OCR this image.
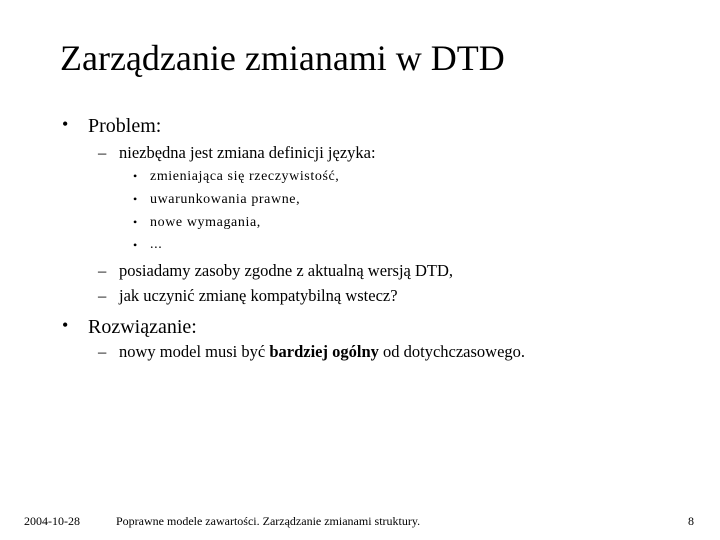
Zarządzanie zmianami w DTD
• Problem:
– niezbędna jest zmiana definicji języka:
• zmieniająca się rzeczywistość,
• uwarunkowania prawne,
• nowe wymagania,
• ...
– posiadamy zasoby zgodne z aktualną wersją DTD,
– jak uczynić zmianę kompatybilną wstecz?
• Rozwiązanie:
– nowy model musi być bardziej ogólny od dotychczasowego.
2004-10-28	Poprawne modele zawartości. Zarządzanie zmianami struktury.	8
